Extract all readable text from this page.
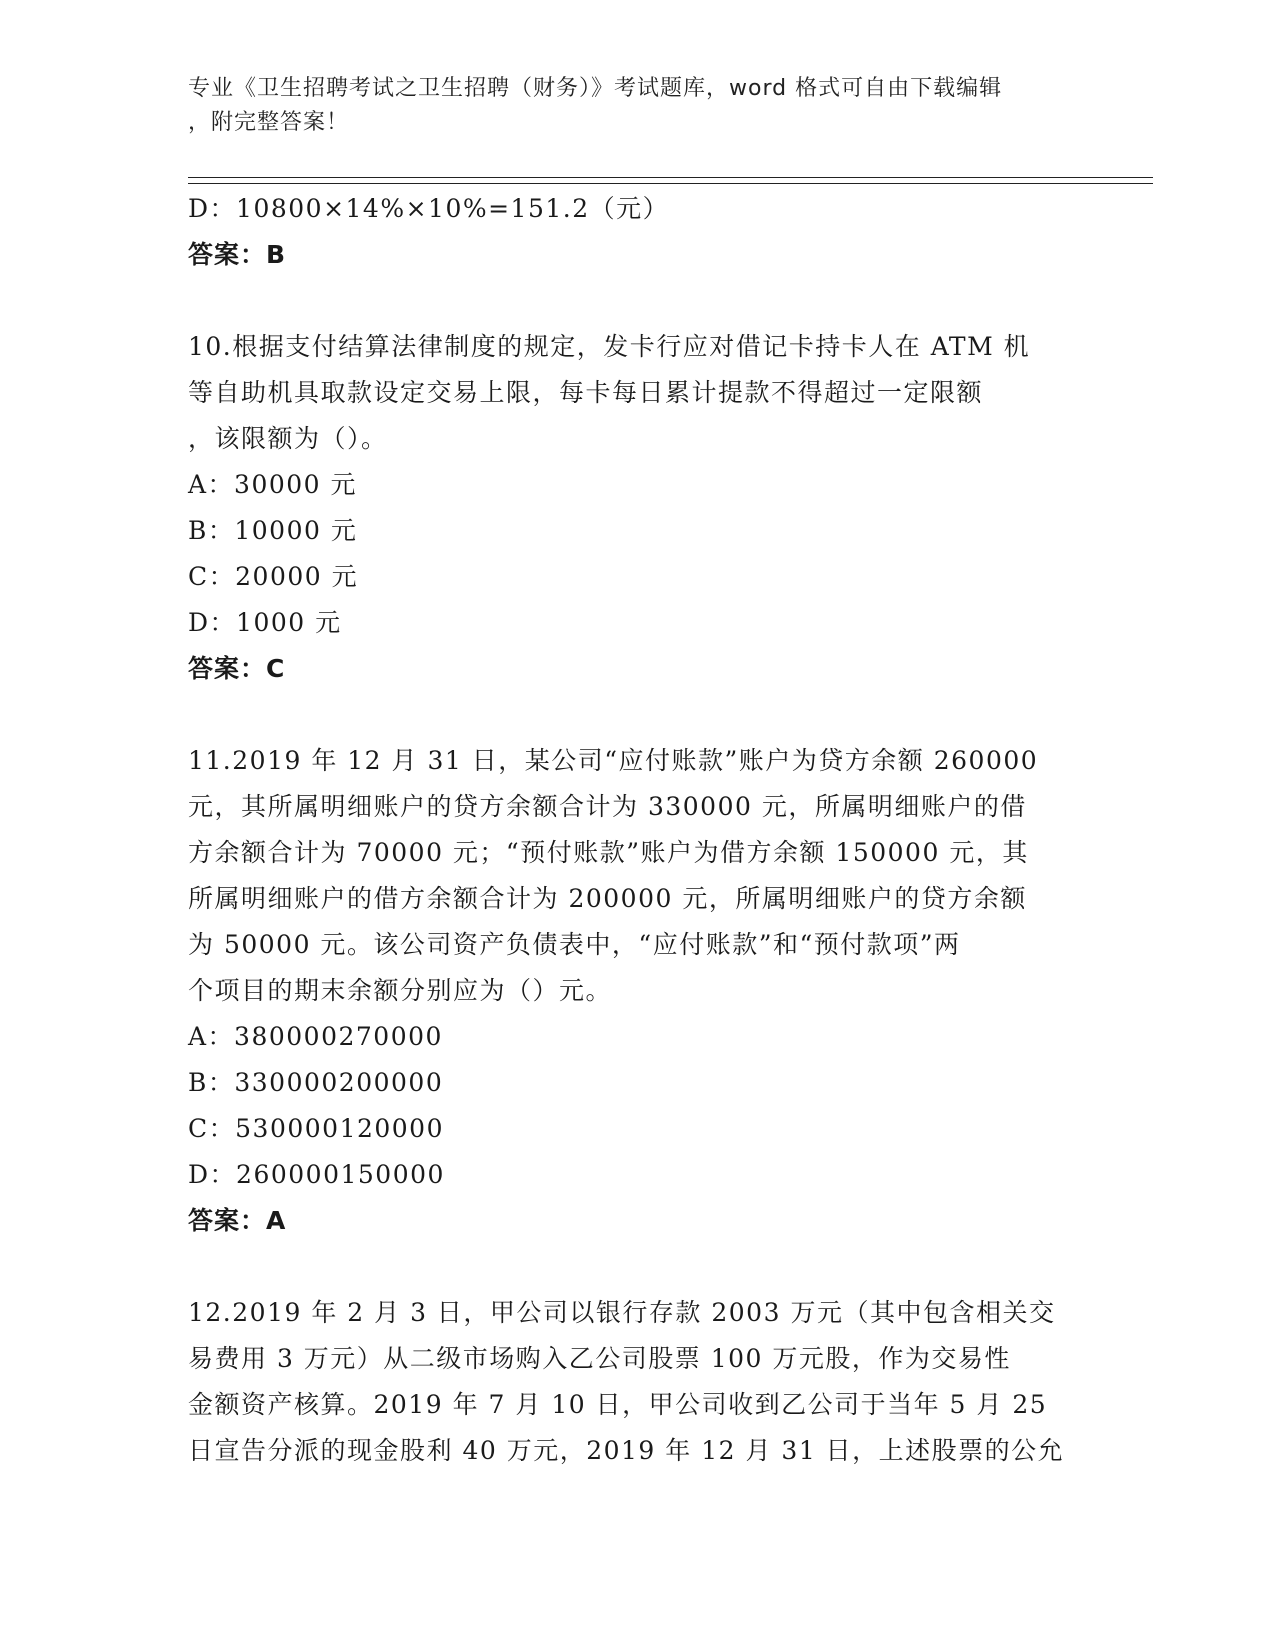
专业《卫生招聘考试之卫生招聘（财务）》考试题库，word 格式可自由下载编辑
，附完整答案！
D：10800×14%×10%=151.2（元）
答案：B
10.根据支付结算法律制度的规定，发卡行应对借记卡持卡人在 ATM 机
等自助机具取款设定交易上限，每卡每日累计提款不得超过一定限额
，该限额为（）。
A：30000 元
B：10000 元
C：20000 元
D：1000 元
答案：C
11.2019 年 12 月 31 日，某公司“应付账款”账户为贷方余额 260000
元，其所属明细账户的贷方余额合计为 330000 元，所属明细账户的借
方余额合计为 70000 元；“预付账款”账户为借方余额 150000 元，其
所属明细账户的借方余额合计为 200000 元，所属明细账户的贷方余额
为 50000 元。该公司资产负债表中，“应付账款”和“预付款项”两
个项目的期末余额分别应为（）元。
A：380000270000
B：330000200000
C：530000120000
D：260000150000
答案：A
12.2019 年 2 月 3 日，甲公司以银行存款 2003 万元（其中包含相关交
易费用 3 万元）从二级市场购入乙公司股票 100 万元股，作为交易性
金额资产核算。2019 年 7 月 10 日，甲公司收到乙公司于当年 5 月 25
日宣告分派的现金股利 40 万元，2019 年 12 月 31 日，上述股票的公允
